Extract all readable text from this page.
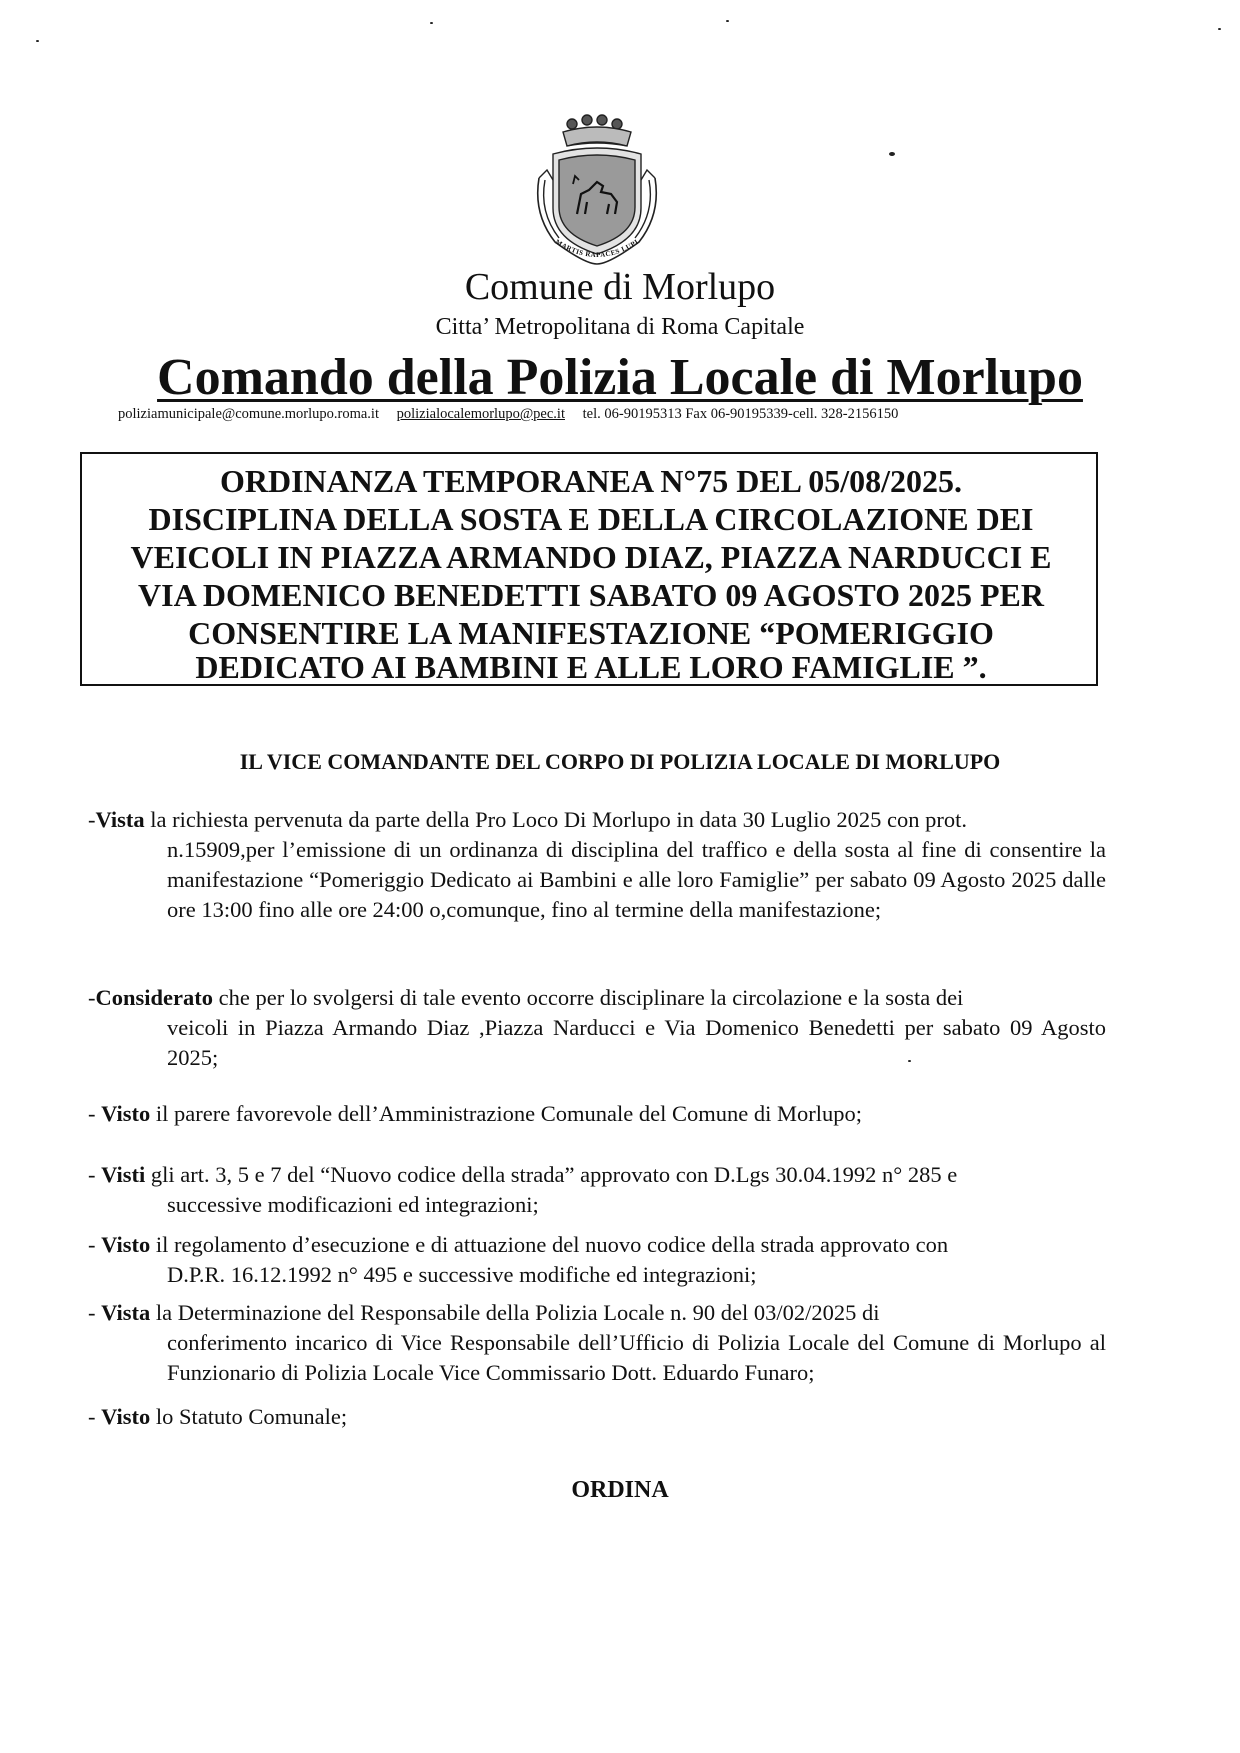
MARTIS RAPACES LUPI
Comune di Morlupo
Citta’ Metropolitana di Roma Capitale
Comando della Polizia Locale di Morlupo
poliziamunicipale@comune.morlupo.roma.it polizialocalemorlupo@pec.it tel. 06-90195313 Fax 06-90195339-cell. 328-2156150
ORDINANZA TEMPORANEA N°75 DEL 05/08/2025.
DISCIPLINA DELLA SOSTA E DELLA CIRCOLAZIONE DEI
VEICOLI IN PIAZZA ARMANDO DIAZ, PIAZZA NARDUCCI E
VIA DOMENICO BENEDETTI SABATO 09 AGOSTO 2025 PER
CONSENTIRE LA MANIFESTAZIONE “POMERIGGIO
DEDICATO AI BAMBINI E ALLE LORO FAMIGLIE ”.
IL VICE COMANDANTE DEL CORPO DI POLIZIA LOCALE DI MORLUPO
-Vista la richiesta pervenuta da parte della Pro Loco Di Morlupo in data 30 Luglio 2025 con prot.
n.15909,per l’emissione di un ordinanza di disciplina del traffico e della sosta al fine di consentire la manifestazione “Pomeriggio Dedicato ai Bambini e alle loro Famiglie” per sabato 09 Agosto 2025 dalle ore 13:00 fino alle ore 24:00 o,comunque, fino al termine della manifestazione;
-Considerato che per lo svolgersi di tale evento occorre disciplinare la circolazione e la sosta dei
veicoli in Piazza Armando Diaz ,Piazza Narducci e Via Domenico Benedetti per sabato 09 Agosto 2025;
- Visto il parere favorevole dell’Amministrazione Comunale del Comune di Morlupo;
- Visti gli art. 3, 5 e 7 del “Nuovo codice della strada” approvato con D.Lgs 30.04.1992 n° 285 e
successive modificazioni ed integrazioni;
- Visto il regolamento d’esecuzione e di attuazione del nuovo codice della strada approvato con
D.P.R. 16.12.1992 n° 495 e successive modifiche ed integrazioni;
- Vista la Determinazione del Responsabile della Polizia Locale n. 90 del 03/02/2025 di
conferimento incarico di Vice Responsabile dell’Ufficio di Polizia Locale del Comune di Morlupo al Funzionario di Polizia Locale Vice Commissario Dott. Eduardo Funaro;
- Visto lo Statuto Comunale;
ORDINA
